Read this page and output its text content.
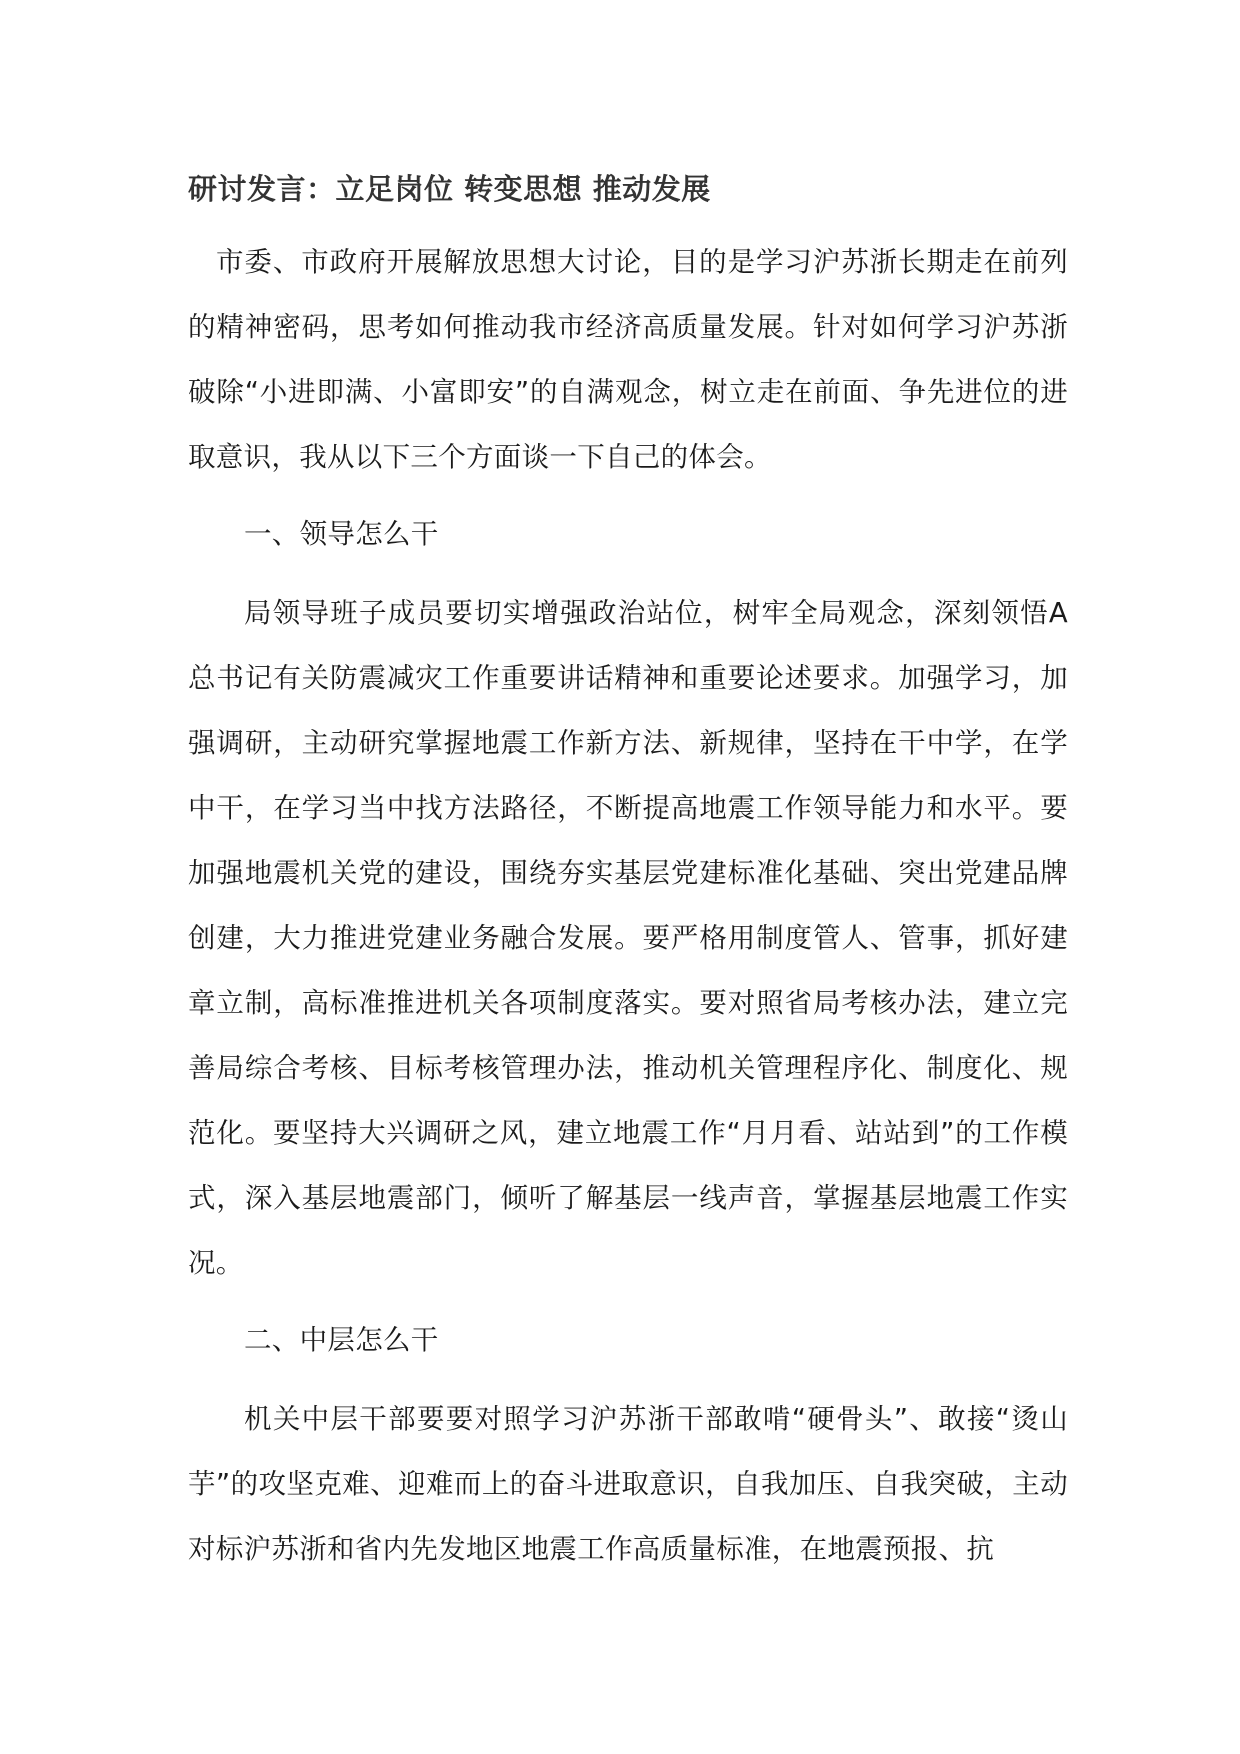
研讨发言：立足岗位 转变思想 推动发展

市委、市政府开展解放思想大讨论，目的是学习沪苏浙长期走在前列的精神密码，思考如何推动我市经济高质量发展。针对如何学习沪苏浙破除“小进即满、小富即安”的自满观念，树立走在前面、争先进位的进取意识，我从以下三个方面谈一下自己的体会。

一、领导怎么干

局领导班子成员要切实增强政治站位，树牢全局观念，深刻领悟A总书记有关防震减灾工作重要讲话精神和重要论述要求。加强学习，加强调研，主动研究掌握地震工作新方法、新规律，坚持在干中学，在学中干，在学习当中找方法路径，不断提高地震工作领导能力和水平。要加强地震机关党的建设，围绕夯实基层党建标准化基础、突出党建品牌创建，大力推进党建业务融合发展。要严格用制度管人、管事，抓好建章立制，高标准推进机关各项制度落实。要对照省局考核办法，建立完善局综合考核、目标考核管理办法，推动机关管理程序化、制度化、规范化。要坚持大兴调研之风，建立地震工作“月月看、站站到”的工作模式，深入基层地震部门，倾听了解基层一线声音，掌握基层地震工作实况。

二、中层怎么干

机关中层干部要要对照学习沪苏浙干部敢啃“硬骨头”、敢接“烫山芋”的攻坚克难、迎难而上的奋斗进取意识，自我加压、自我突破，主动对标沪苏浙和省内先发地区地震工作高质量标准，在地震预报、抗
